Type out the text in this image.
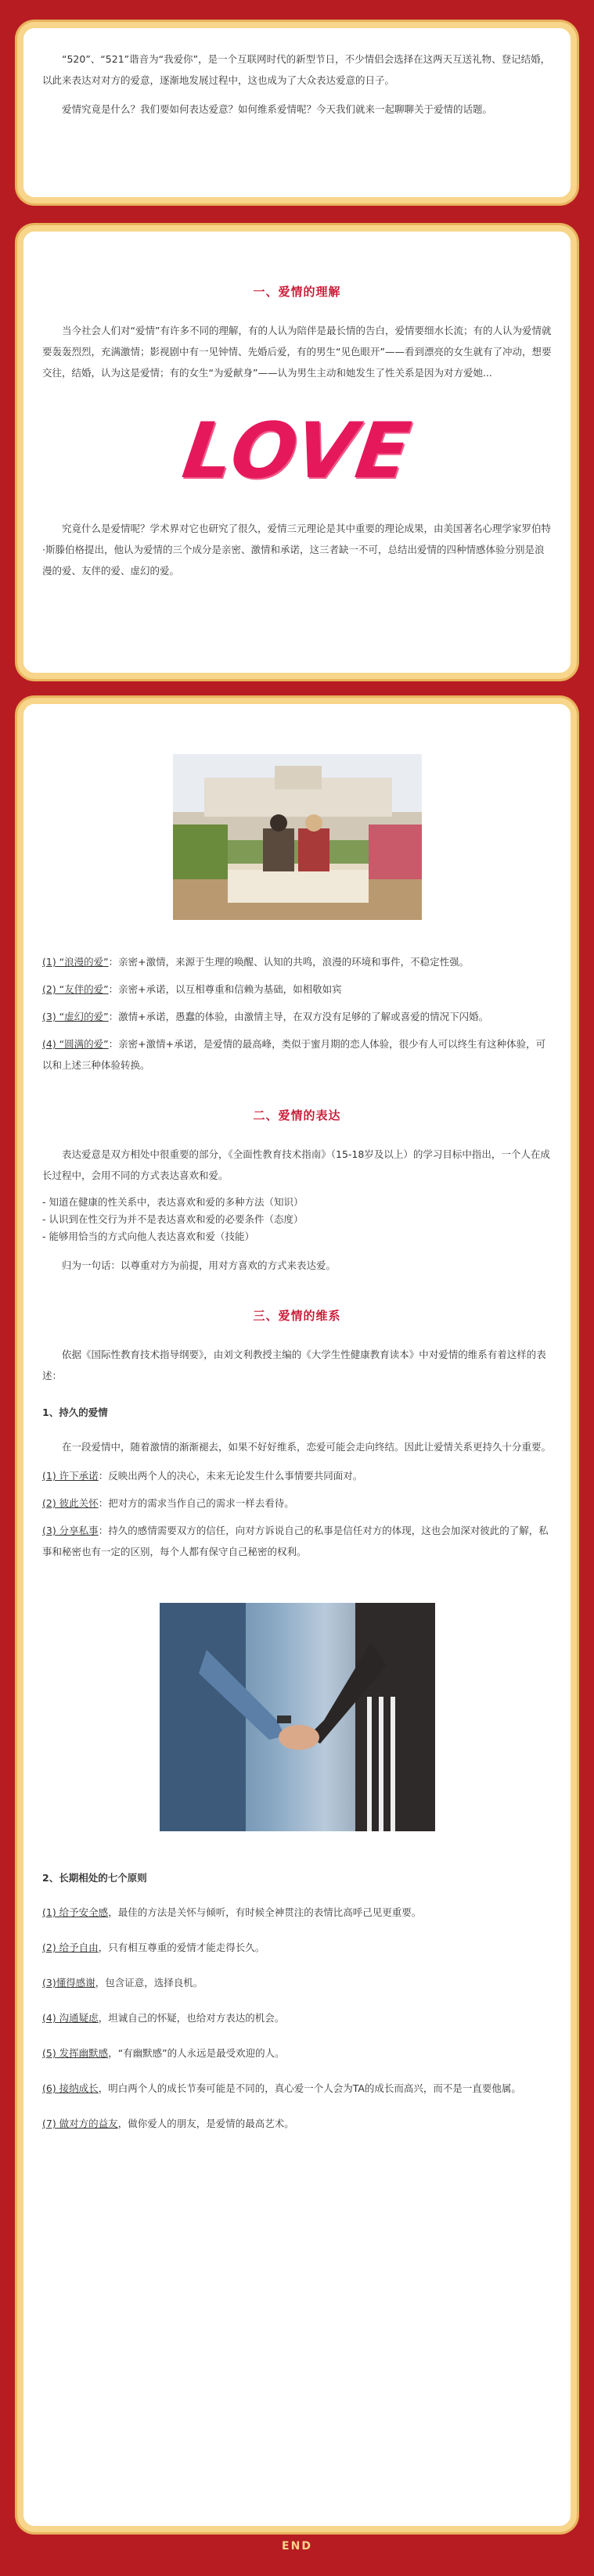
“520”、“521”谐音为“我爱你”，是一个互联网时代的新型节日，不少情侣会选择在这两天互送礼物、登记结婚，以此来表达对对方的爱意，逐渐地发展过程中，这也成为了大众表达爱意的日子。

爱情究竟是什么？我们要如何表达爱意？如何维系爱情呢？今天我们就来一起聊聊关于爱情的话题。

一、爱情的理解

当今社会人们对“爱情”有许多不同的理解，有的人认为陪伴是最长情的告白，爱情要细水长流；有的人认为爱情就要轰轰烈烈，充满激情；影视剧中有一见钟情、先婚后爱，有的男生“见色眼开”——看到漂亮的女生就有了冲动，想要交往，结婚，认为这是爱情；有的女生“为爱献身”——认为男生主动和她发生了性关系是因为对方爱她...

LOVE

究竟什么是爱情呢？学术界对它也研究了很久，爱情三元理论是其中重要的理论成果，由美国著名心理学家罗伯特·斯滕伯格提出，他认为爱情的三个成分是亲密、激情和承诺，这三者缺一不可，总结出爱情的四种情感体验分别是浪漫的爱、友伴的爱、虚幻的爱。

(1) “浪漫的爱”：亲密+激情，来源于生理的唤醒、认知的共鸣，浪漫的环境和事件，不稳定性强。

(2) “友伴的爱”：亲密+承诺，以互相尊重和信赖为基础，如相敬如宾

(3) “虚幻的爱”：激情+承诺，愚蠢的体验，由激情主导，在双方没有足够的了解或喜爱的情况下闪婚。

(4) “圆满的爱”：亲密+激情+承诺，是爱情的最高峰，类似于蜜月期的恋人体验，很少有人可以终生有这种体验，可以和上述三种体验转换。

二、爱情的表达

表达爱意是双方相处中很重要的部分，《全面性教育技术指南》（15-18岁及以上）的学习目标中指出，一个人在成长过程中，会用不同的方式表达喜欢和爱。

- 知道在健康的性关系中，表达喜欢和爱的多种方法（知识）

- 认识到在性交行为并不是表达喜欢和爱的必要条件（态度）

- 能够用恰当的方式向他人表达喜欢和爱（技能）

归为一句话：以尊重对方为前提，用对方喜欢的方式来表达爱。

三、爱情的维系

依据《国际性教育技术指导纲要》，由刘文利教授主编的《大学生性健康教育读本》中对爱情的维系有着这样的表述：

1、持久的爱情

在一段爱情中，随着激情的渐渐褪去，如果不好好维系，恋爱可能会走向终结。因此让爱情关系更持久十分重要。

(1) 许下承诺：反映出两个人的决心，未来无论发生什么事情要共同面对。

(2) 彼此关怀：把对方的需求当作自己的需求一样去看待。

(3) 分享私事：持久的感情需要双方的信任，向对方诉说自己的私事是信任对方的体现，这也会加深对彼此的了解，私事和秘密也有一定的区别，每个人都有保守自己秘密的权利。

2、长期相处的七个原则

(1) 给予安全感，最佳的方法是关怀与倾听，有时候全神贯注的表情比高呼己见更重要。

(2) 给予自由，只有相互尊重的爱情才能走得长久。

(3)懂得感谢，包含证意，选择良机。

(4) 沟通疑虑，坦诚自己的怀疑，也给对方表达的机会。

(5) 发挥幽默感，“有幽默感”的人永远是最受欢迎的人。

(6) 接纳成长，明白两个人的成长节奏可能是不同的，真心爱一个人会为TA的成长而高兴，而不是一直要他属。

(7) 做对方的益友，做你爱人的朋友，是爱情的最高艺术。

END
